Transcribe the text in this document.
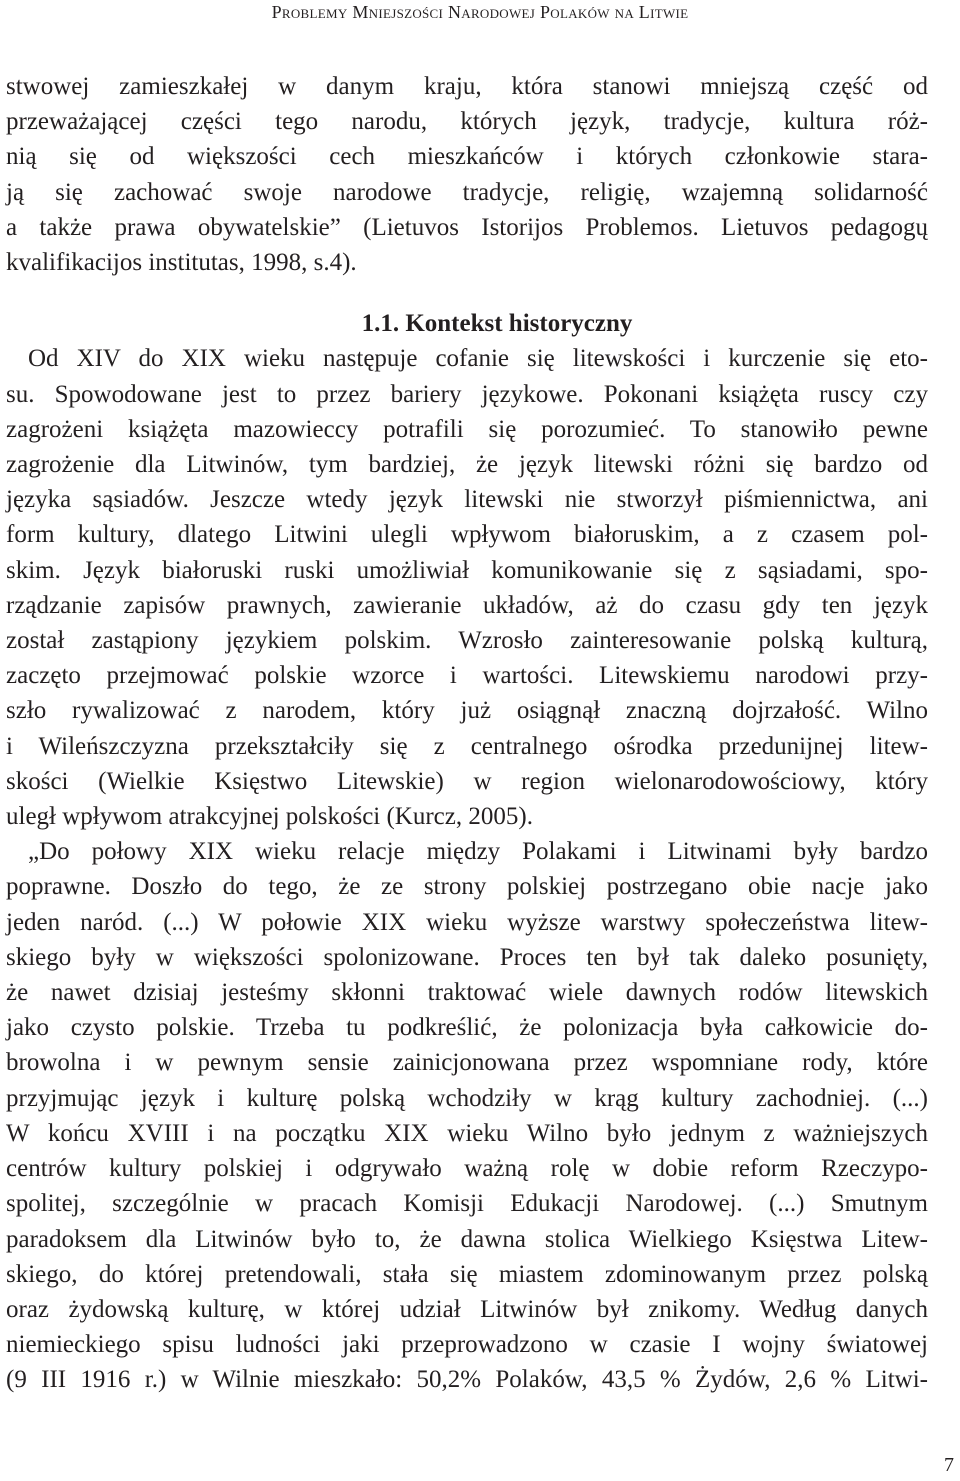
Problemy Mniejszości Narodowej Polaków na Litwie
stwowej zamieszkałej w danym kraju, która stanowi mniejszą część od
przeważającej części tego narodu, których język, tradycje, kultura róż-
nią się od większości cech mieszkańców i których członkowie stara-
ją się zachować swoje narodowe tradycje, religię, wzajemną solidarność
a także prawa obywatelskie” (Lietuvos Istorijos Problemos. Lietuvos pedagogų
kvalifikacijos institutas, 1998, s.4).
1.1. Kontekst historyczny
Od XIV do XIX wieku następuje cofanie się litewskości i kurczenie się eto-
su. Spowodowane jest to przez bariery językowe. Pokonani książęta ruscy czy
zagrożeni książęta mazowieccy potrafili się porozumieć. To stanowiło pewne
zagrożenie dla Litwinów, tym bardziej, że język litewski różni się bardzo od
języka sąsiadów. Jeszcze wtedy język litewski nie stworzył piśmiennictwa, ani
form kultury, dlatego Litwini ulegli wpływom białoruskim, a z czasem pol-
skim. Język białoruski ruski umożliwiał komunikowanie się z sąsiadami, spo-
rządzanie zapisów prawnych, zawieranie układów, aż do czasu gdy ten język
został zastąpiony językiem polskim. Wzrosło zainteresowanie polską kulturą,
zaczęto przejmować polskie wzorce i wartości. Litewskiemu narodowi przy-
szło rywalizować z narodem, który już osiągnął znaczną dojrzałość. Wilno
i Wileńszczyzna przekształciły się z centralnego ośrodka przedunijnej litew-
skości (Wielkie Księstwo Litewskie) w region wielonarodowościowy, który
uległ wpływom atrakcyjnej polskości (Kurcz, 2005).
„Do połowy XIX wieku relacje między Polakami i Litwinami były bardzo
poprawne. Doszło do tego, że ze strony polskiej postrzegano obie nacje jako
jeden naród. (...) W połowie XIX wieku wyższe warstwy społeczeństwa litew-
skiego były w większości spolonizowane. Proces ten był tak daleko posunięty,
że nawet dzisiaj jesteśmy skłonni traktować wiele dawnych rodów litewskich
jako czysto polskie. Trzeba tu podkreślić, że polonizacja była całkowicie do-
browolna i w pewnym sensie zainicjonowana przez wspomniane rody, które
przyjmując język i kulturę polską wchodziły w krąg kultury zachodniej. (...)
W końcu XVIII i na początku XIX wieku Wilno było jednym z ważniejszych
centrów kultury polskiej i odgrywało ważną rolę w dobie reform Rzeczypo-
spolitej, szczególnie w pracach Komisji Edukacji Narodowej. (...) Smutnym
paradoksem dla Litwinów było to, że dawna stolica Wielkiego Księstwa Litew-
skiego, do której pretendowali, stała się miastem zdominowanym przez polską
oraz żydowską kulturę, w której udział Litwinów był znikomy. Według danych
niemieckiego spisu ludności jaki przeprowadzono w czasie I wojny światowej
(9 III 1916 r.) w Wilnie mieszkało: 50,2% Polaków, 43,5 % Żydów, 2,6 % Litwi-
7
